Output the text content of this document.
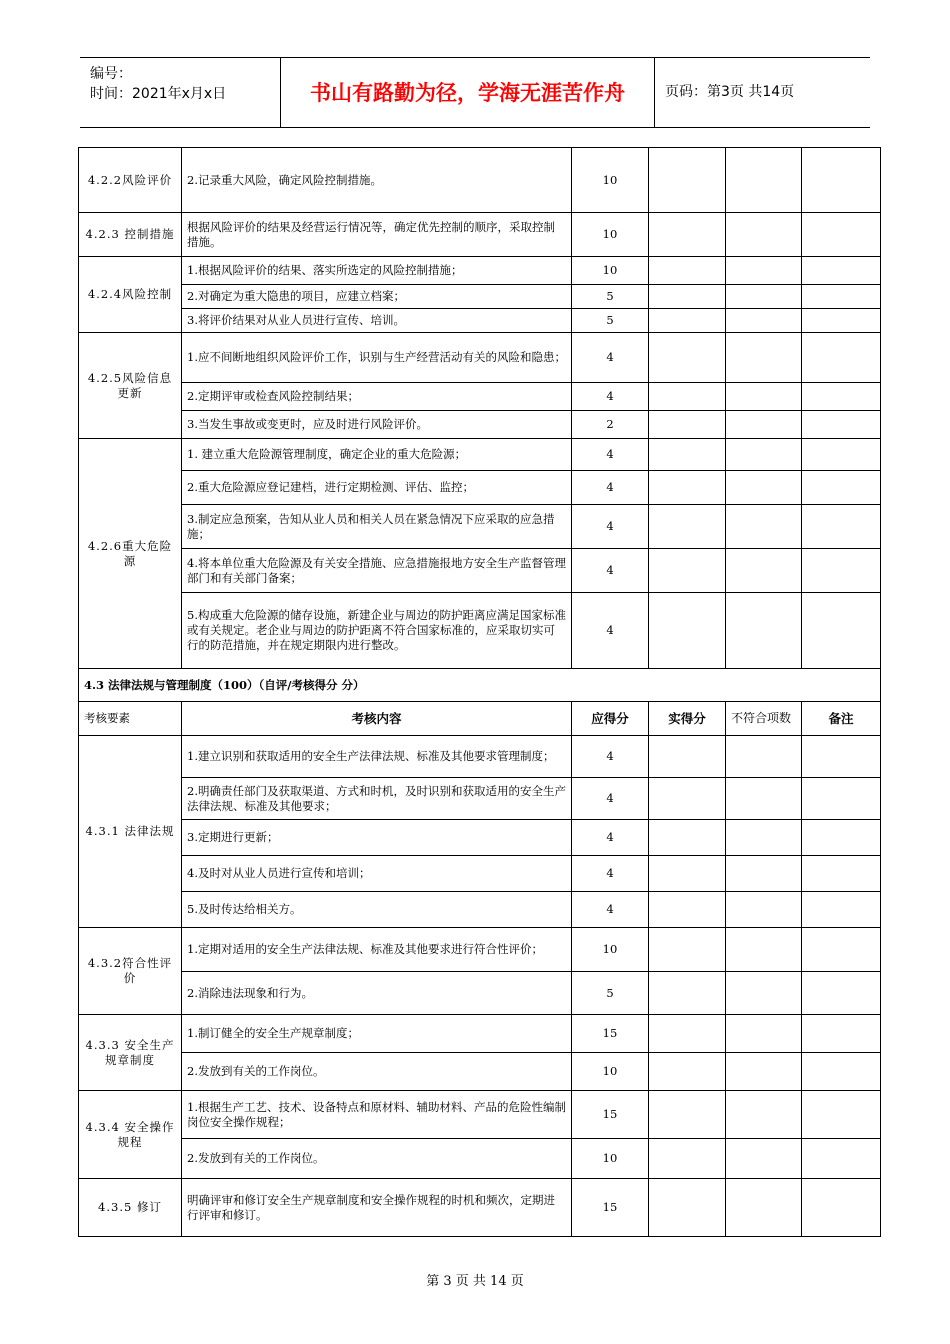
编号：
时间：2021年x月x日	书山有路勤为径，学海无涯苦作舟	页码：第3页 共14页
4.2.2风险评价	2.记录重大风险，确定风险控制措施。	10			
4.2.3 控制措施	根据风险评价的结果及经营运行情况等，确定优先控制的顺序，采取控制措施。	10			
4.2.4风险控制	1.根据风险评价的结果、落实所选定的风险控制措施；	10			
	2.对确定为重大隐患的项目，应建立档案；	5			
	3.将评价结果对从业人员进行宣传、培训。	5			
4.2.5风险信息更新	1.应不间断地组织风险评价工作，识别与生产经营活动有关的风险和隐患；	4			
	2.定期评审或检查风险控制结果；	4			
	3.当发生事故或变更时，应及时进行风险评价。	2			
4.2.6重大危险源	1. 建立重大危险源管理制度，确定企业的重大危险源；	4			
	2.重大危险源应登记建档，进行定期检测、评估、监控；	4			
	3.制定应急预案，告知从业人员和相关人员在紧急情况下应采取的应急措施；	4			
	4.将本单位重大危险源及有关安全措施、应急措施报地方安全生产监督管理部门和有关部门备案；	4			
	5.构成重大危险源的储存设施，新建企业与周边的防护距离应满足国家标准或有关规定。老企业与周边的防护距离不符合国家标准的，应采取切实可行的防范措施，并在规定期限内进行整改。	4			
4.3 法律法规与管理制度（100）（自评/考核得分 分）					
考核要素	考核内容	应得分	实得分	不符合项数	备注
4.3.1 法律法规	1.建立识别和获取适用的安全生产法律法规、标准及其他要求管理制度；	4			
	2.明确责任部门及获取渠道、方式和时机，及时识别和获取适用的安全生产法律法规、标准及其他要求；	4			
	3.定期进行更新；	4			
	4.及时对从业人员进行宣传和培训；	4			
	5.及时传达给相关方。	4			
4.3.2符合性评价	1.定期对适用的安全生产法律法规、标准及其他要求进行符合性评价；	10			
	2.消除违法现象和行为。	5			
4.3.3 安全生产规章制度	1.制订健全的安全生产规章制度；	15			
	2.发放到有关的工作岗位。	10			
4.3.4 安全操作规程	1.根据生产工艺、技术、设备特点和原材料、辅助材料、产品的危险性编制岗位安全操作规程；	15			
	2.发放到有关的工作岗位。	10			
4.3.5 修订	明确评审和修订安全生产规章制度和安全操作规程的时机和频次，定期进行评审和修订。	15			
第 3 页 共 14 页
